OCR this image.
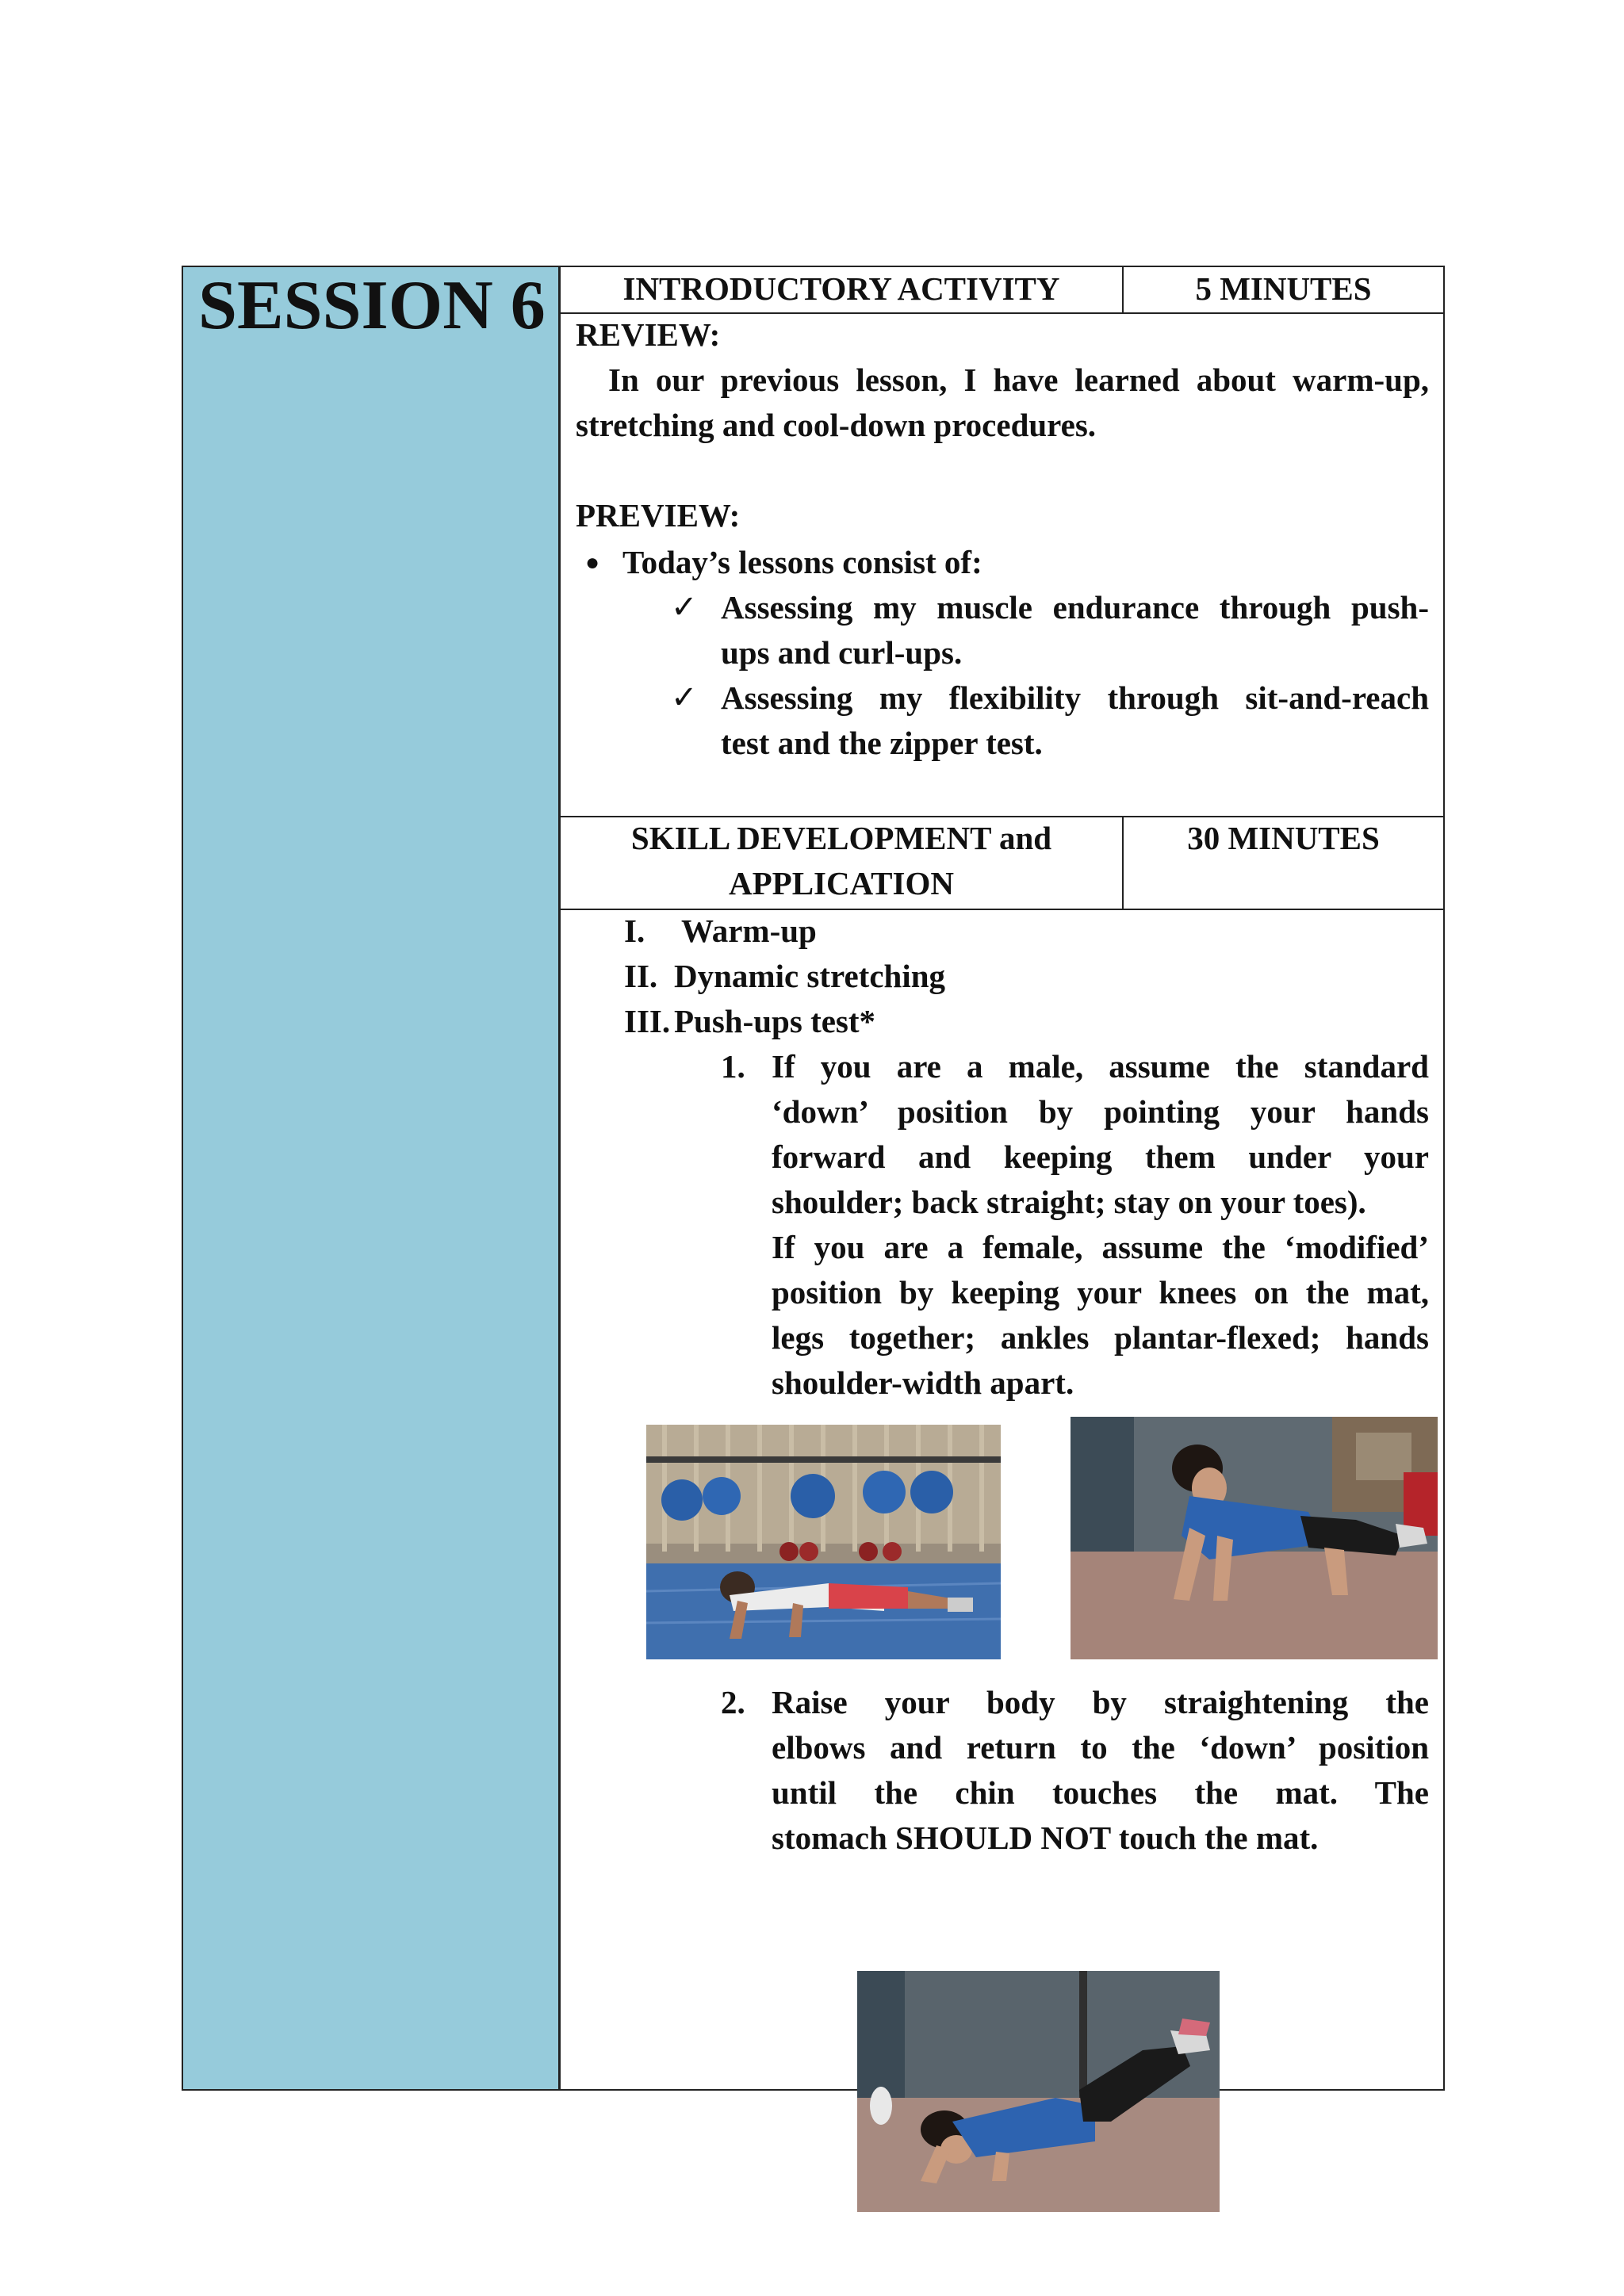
SESSION 6	INTRODUCTORY ACTIVITY	5 MINUTES
REVIEW:
In our previous lesson, I have learned about warm-up,
stretching and cool-down procedures.
PREVIEW:
● Today’s lessons consist of:
✓ Assessing my muscle endurance through push-
ups and curl-ups.
✓ Assessing my flexibility through sit-and-reach
test and the zipper test.
SKILL DEVELOPMENT and
APPLICATION
30 MINUTES
I. Warm-up
II. Dynamic stretching
III. Push-ups test*
1. If you are a male, assume the standard
‘down’ position by pointing your hands
forward and keeping them under your
shoulder; back straight; stay on your toes).
If you are a female, assume the ‘modified’
position by keeping your knees on the mat,
legs together; ankles plantar-flexed; hands
shoulder-width apart.
2. Raise your body by straightening the
elbows and return to the ‘down’ position
until the chin touches the mat. The
stomach SHOULD NOT touch the mat.
